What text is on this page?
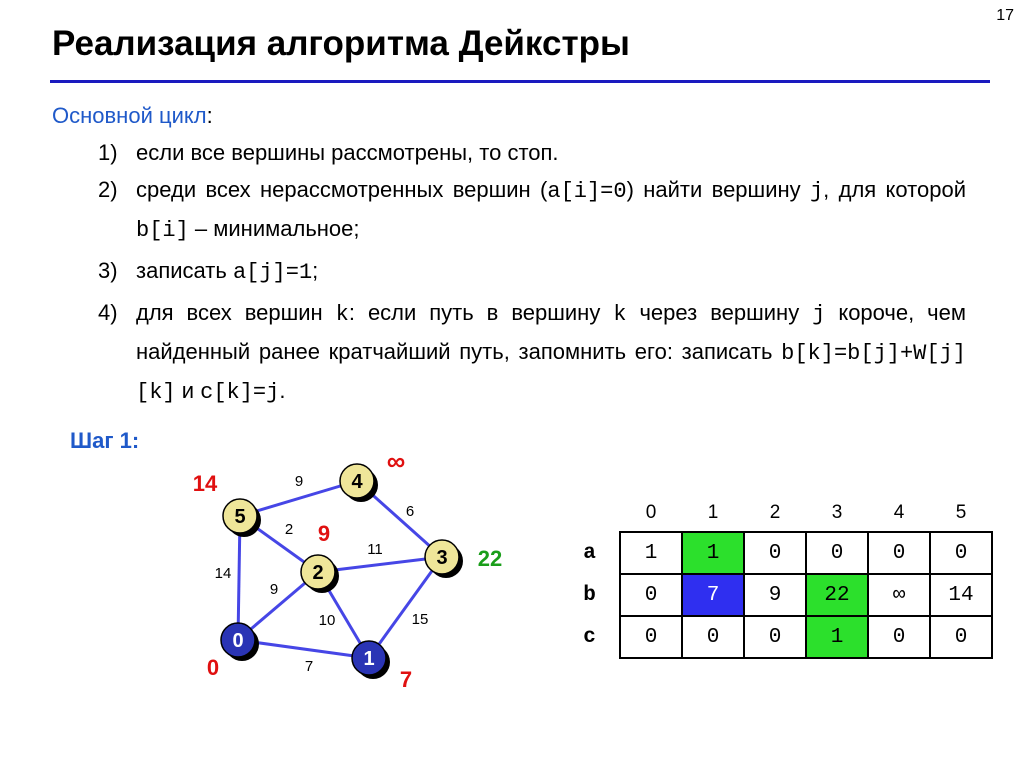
17
Реализация алгоритма Дейкстры
Основной цикл:
1) если все вершины рассмотрены, то стоп.
2) среди всех нерассмотренных вершин (a[i]=0) найти вершину j, для которой b[i] – минимальное;
3) записать a[j]=1;
4) для всех вершин k: если путь в вершину k через вершину j короче, чем найденный ранее кратчайший путь, запомнить его: записать b[k]=b[j]+W[j][k] и c[k]=j.
Шаг 1:
9
6
2
11
14
9
10	15
7
0
0	1
7
2
9
3 22
4
∞
5
14
	0	1	2	3	4	5
a	1	1	0	0	0	0
b	0	7	9	22	∞	14
c	0	0	0	1	0	0
